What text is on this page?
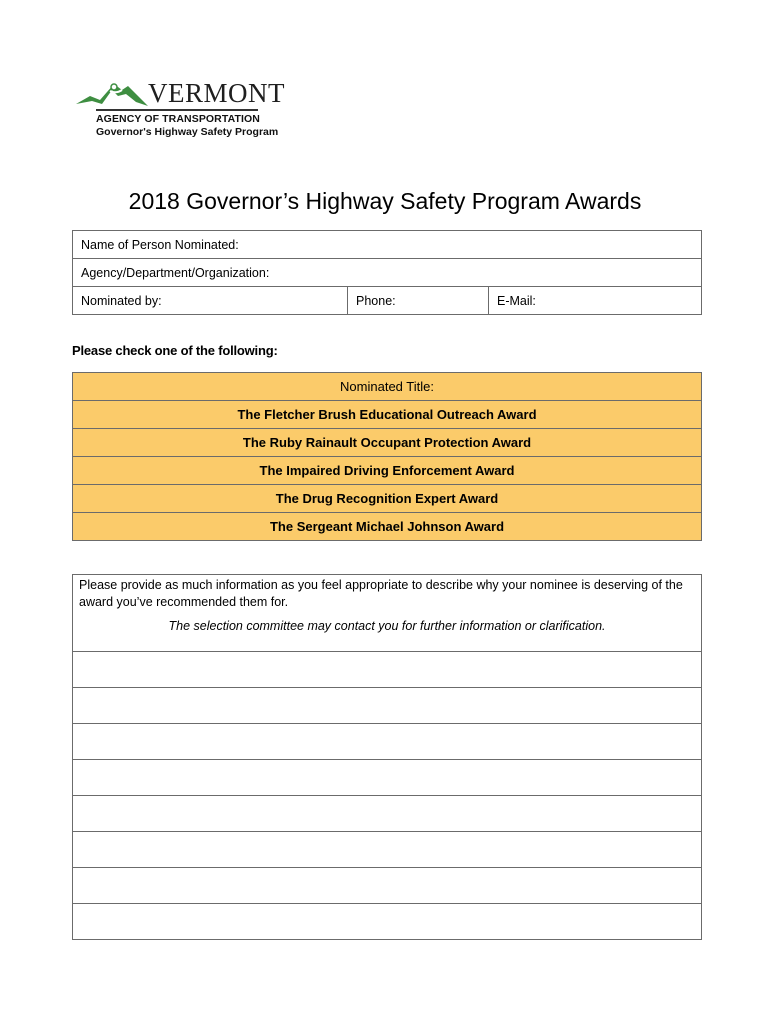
VERMONT
AGENCY OF TRANSPORTATION
Governor's Highway Safety Program
2018 Governor’s Highway Safety Program Awards
Name of Person Nominated:
Agency/Department/Organization:
Nominated by:	Phone:	E-Mail:
Please check one of the following:
Nominated Title:
The Fletcher Brush Educational Outreach Award
The Ruby Rainault Occupant Protection Award
The Impaired Driving Enforcement Award
The Drug Recognition Expert Award
The Sergeant Michael Johnson Award
Please provide as much information as you feel appropriate to describe why your nominee is deserving of the award you’ve recommended them for.
The selection committee may contact you for further information or clarification.
